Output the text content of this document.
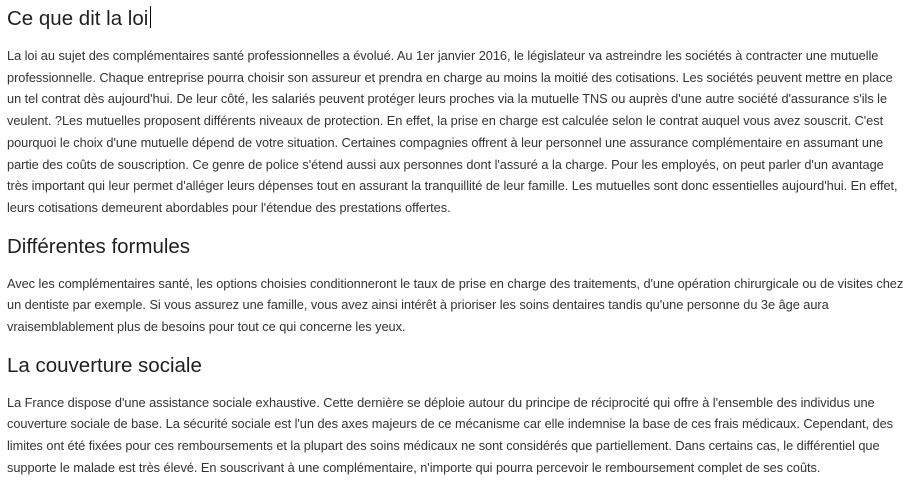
Ce que dit la loi

La loi au sujet des complémentaires santé professionnelles a évolué. Au 1er janvier 2016, le législateur va astreindre les sociétés à contracter une mutuelle professionnelle. Chaque entreprise pourra choisir son assureur et prendra en charge au moins la moitié des cotisations. Les sociétés peuvent mettre en place un tel contrat dès aujourd'hui. De leur côté, les salariés peuvent protéger leurs proches via la mutuelle TNS ou auprès d'une autre société d'assurance s'ils le veulent. ?Les mutuelles proposent différents niveaux de protection. En effet, la prise en charge est calculée selon le contrat auquel vous avez souscrit. C'est pourquoi le choix d'une mutuelle dépend de votre situation. Certaines compagnies offrent à leur personnel une assurance complémentaire en assumant une partie des coûts de souscription. Ce genre de police s'étend aussi aux personnes dont l'assuré a la charge. Pour les employés, on peut parler d'un avantage très important qui leur permet d'alléger leurs dépenses tout en assurant la tranquillité de leur famille. Les mutuelles sont donc essentielles aujourd'hui. En effet, leurs cotisations demeurent abordables pour l'étendue des prestations offertes.

Différentes formules

Avec les complémentaires santé, les options choisies conditionneront le taux de prise en charge des traitements, d'une opération chirurgicale ou de visites chez un dentiste par exemple. Si vous assurez une famille, vous avez ainsi intérêt à prioriser les soins dentaires tandis qu'une personne du 3e âge aura vraisemblablement plus de besoins pour tout ce qui concerne les yeux.

La couverture sociale

La France dispose d'une assistance sociale exhaustive. Cette dernière se déploie autour du principe de réciprocité qui offre à l'ensemble des individus une couverture sociale de base. La sécurité sociale est l'un des axes majeurs de ce mécanisme car elle indemnise la base de ces frais médicaux. Cependant, des limites ont été fixées pour ces remboursements et la plupart des soins médicaux ne sont considérés que partiellement. Dans certains cas, le différentiel que supporte le malade est très élevé. En souscrivant à une complémentaire, n'importe qui pourra percevoir le remboursement complet de ses coûts.
